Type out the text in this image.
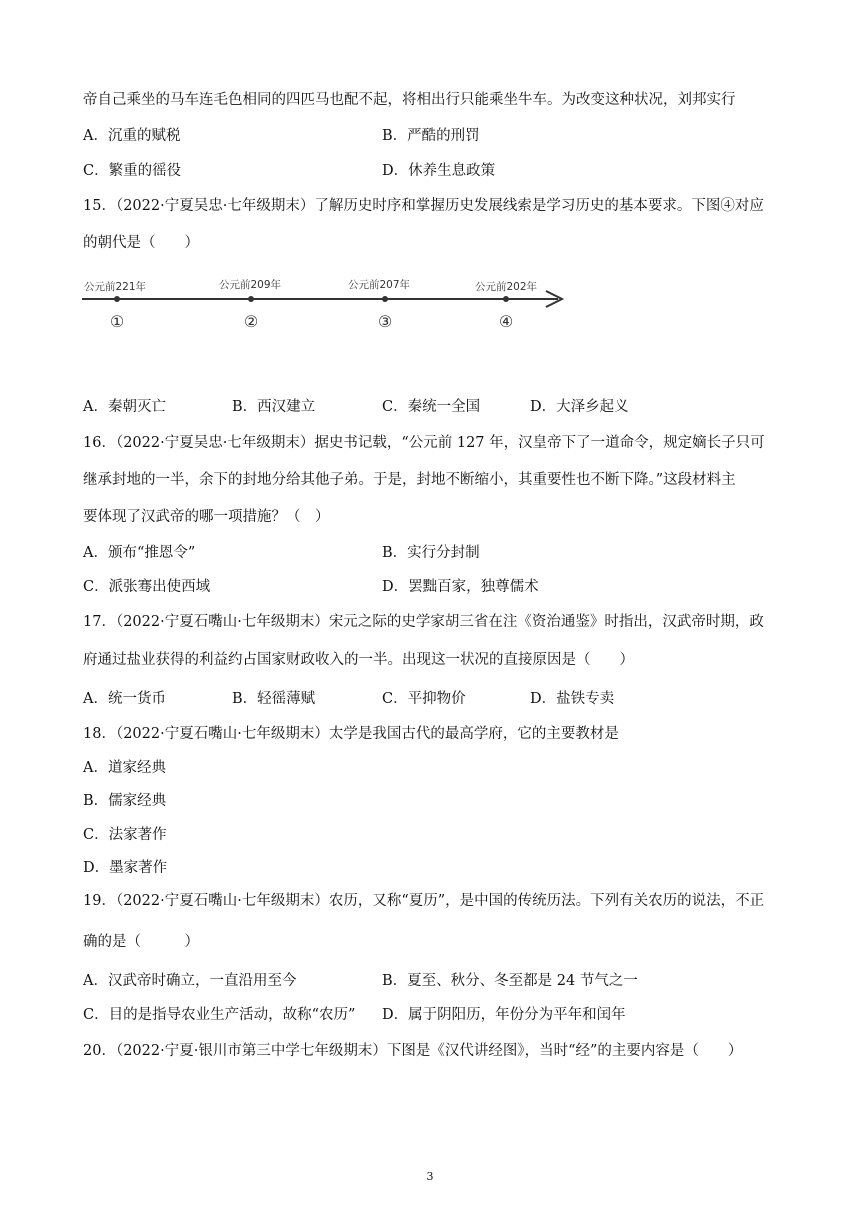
帝自己乘坐的马车连毛色相同的四匹马也配不起，将相出行只能乘坐牛车。为改变这种状况，刘邦实行
A．沉重的赋税	B．严酷的刑罚
C．繁重的徭役	D．休养生息政策
15．（2022·宁夏吴忠·七年级期末）了解历史时序和掌握历史发展线索是学习历史的基本要求。下图④对应
的朝代是（　　）
公元前221年	公元前209年	公元前207年	公元前202年
①	②	③	④
A．秦朝灭亡	B．西汉建立	C．秦统一全国	D．大泽乡起义
16．（2022·宁夏吴忠·七年级期末）据史书记载，“公元前 127 年，汉皇帝下了一道命令，规定嫡长子只可
继承封地的一半，余下的封地分给其他子弟。于是，封地不断缩小，其重要性也不断下降。”这段材料主
要体现了汉武帝的哪一项措施？（　）
A．颁布“推恩令”	B．实行分封制
C．派张骞出使西域	D．罢黜百家，独尊儒术
17．（2022·宁夏石嘴山·七年级期末）宋元之际的史学家胡三省在注《资治通鉴》时指出，汉武帝时期，政
府通过盐业获得的利益约占国家财政收入的一半。出现这一状况的直接原因是（　　）
A．统一货币	B．轻徭薄赋	C．平抑物价	D．盐铁专卖
18．（2022·宁夏石嘴山·七年级期末）太学是我国古代的最高学府，它的主要教材是
A．道家经典
B．儒家经典
C．法家著作
D．墨家著作
19．（2022·宁夏石嘴山·七年级期末）农历，又称“夏历”，是中国的传统历法。下列有关农历的说法，不正
确的是（　　　）
A．汉武帝时确立，一直沿用至今	B．夏至、秋分、冬至都是 24 节气之一
C．目的是指导农业生产活动，故称“农历” D．属于阴阳历，年份分为平年和闰年
20．（2022·宁夏·银川市第三中学七年级期末）下图是《汉代讲经图》，当时“经”的主要内容是（　　）
3
